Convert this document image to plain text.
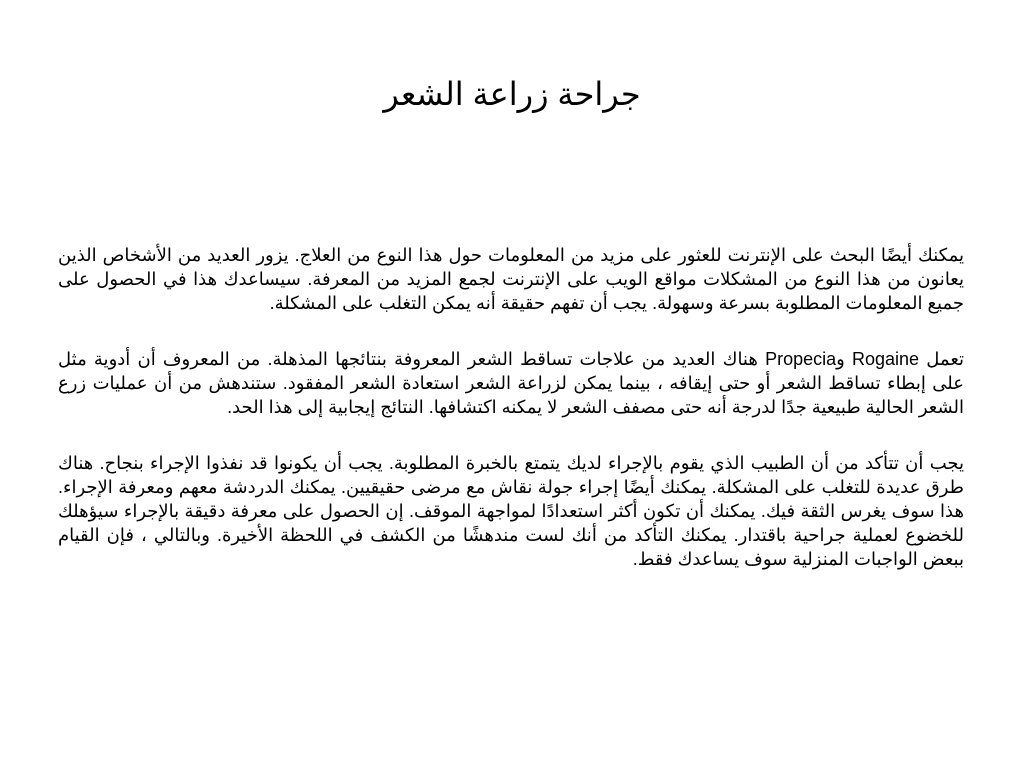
جراحة زراعة الشعر

يمكنك أيضًا البحث على الإنترنت للعثور على مزيد من المعلومات حول هذا النوع من العلاج. يزور العديد من الأشخاص الذين يعانون من هذا النوع من المشكلات مواقع الويب على الإنترنت لجمع المزيد من المعرفة. سيساعدك هذا في الحصول على جميع المعلومات المطلوبة بسرعة وسهولة. يجب أن تفهم حقيقة أنه يمكن التغلب على المشكلة.

تعمل Rogaine وPropecia هناك العديد من علاجات تساقط الشعر المعروفة بنتائجها المذهلة. من المعروف أن أدوية مثل على إبطاء تساقط الشعر أو حتى إيقافه ، بينما يمكن لزراعة الشعر استعادة الشعر المفقود. ستندهش من أن عمليات زرع الشعر الحالية طبيعية جدًا لدرجة أنه حتى مصفف الشعر لا يمكنه اكتشافها. النتائج إيجابية إلى هذا الحد.

يجب أن تتأكد من أن الطبيب الذي يقوم بالإجراء لديك يتمتع بالخبرة المطلوبة. يجب أن يكونوا قد نفذوا الإجراء بنجاح. هناك طرق عديدة للتغلب على المشكلة. يمكنك أيضًا إجراء جولة نقاش مع مرضى حقيقيين. يمكنك الدردشة معهم ومعرفة الإجراء. هذا سوف يغرس الثقة فيك. يمكنك أن تكون أكثر استعدادًا لمواجهة الموقف. إن الحصول على معرفة دقيقة بالإجراء سيؤهلك للخضوع لعملية جراحية باقتدار. يمكنك التأكد من أنك لست مندهشًا من الكشف في اللحظة الأخيرة. وبالتالي ، فإن القيام ببعض الواجبات المنزلية سوف يساعدك فقط.
